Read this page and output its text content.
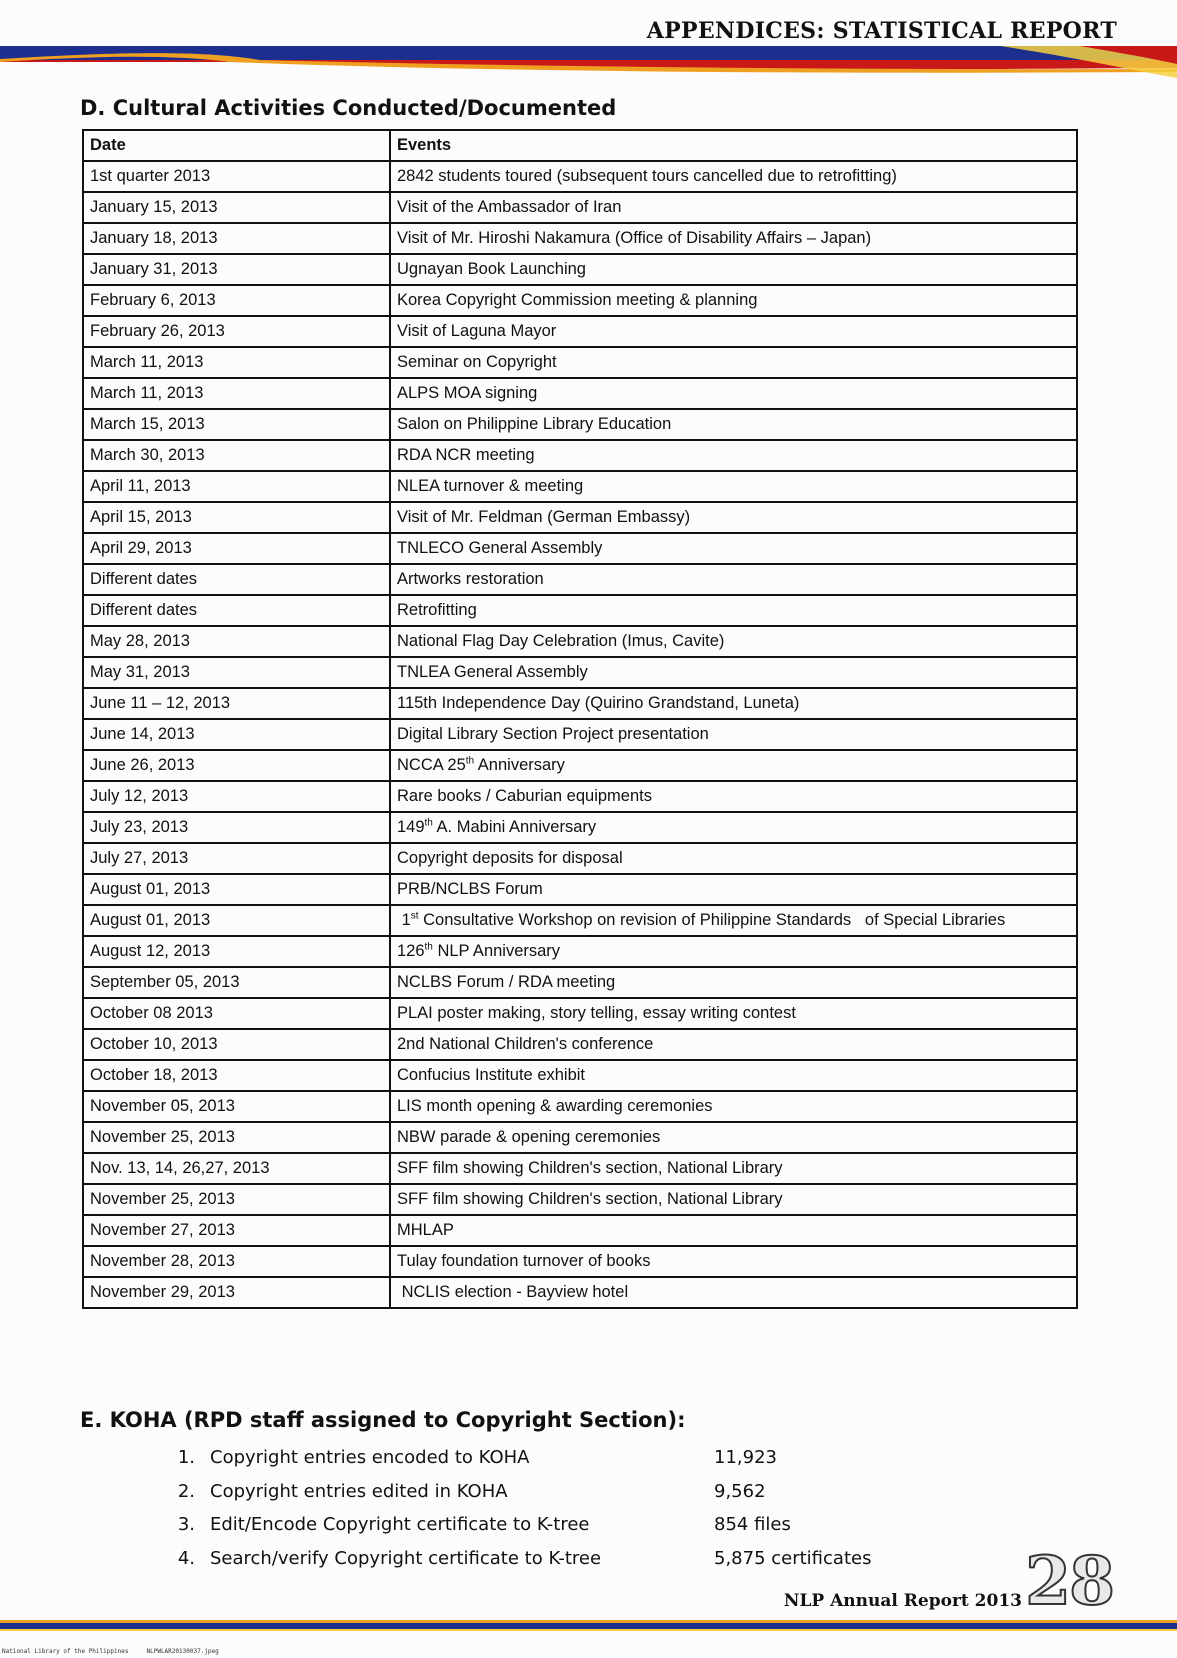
APPENDICES: STATISTICAL REPORT
D. Cultural Activities Conducted/Documented
Date	Events
1st quarter 2013	2842 students toured (subsequent tours cancelled due to retrofitting)
January 15, 2013	Visit of the Ambassador of Iran
January 18, 2013	Visit of Mr. Hiroshi Nakamura (Office of Disability Affairs – Japan)
January 31, 2013	Ugnayan Book Launching
February 6, 2013	Korea Copyright Commission meeting & planning
February 26, 2013	Visit of Laguna Mayor
March 11, 2013	Seminar on Copyright
March 11, 2013	ALPS MOA signing
March 15, 2013	Salon on Philippine Library Education
March 30, 2013	RDA NCR meeting
April 11, 2013	NLEA turnover & meeting
April 15, 2013	Visit of Mr. Feldman (German Embassy)
April 29, 2013	TNLECO General Assembly
Different dates	Artworks restoration
Different dates	Retrofitting
May 28, 2013	National Flag Day Celebration (Imus, Cavite)
May 31, 2013	TNLEA General Assembly
June 11 – 12, 2013	115th Independence Day (Quirino Grandstand, Luneta)
June 14, 2013	Digital Library Section Project presentation
June 26, 2013	NCCA 25th Anniversary
July 12, 2013	Rare books / Caburian equipments
July 23, 2013	149th A. Mabini Anniversary
July 27, 2013	Copyright deposits for disposal
August 01, 2013	PRB/NCLBS Forum
August 01, 2013	1st Consultative Workshop on revision of Philippine Standards   of Special Libraries
August 12, 2013	126th NLP Anniversary
September 05, 2013	NCLBS Forum / RDA meeting
October 08 2013	PLAI poster making, story telling, essay writing contest
October 10, 2013	2nd National Children's conference
October 18, 2013	Confucius Institute exhibit
November 05, 2013	LIS month opening & awarding ceremonies
November 25, 2013	NBW parade & opening ceremonies
Nov. 13, 14, 26,27, 2013	SFF film showing Children's section, National Library
November 25, 2013	SFF film showing Children's section, National Library
November 27, 2013	MHLAP
November 28, 2013	Tulay foundation turnover of books
November 29, 2013	NCLIS election - Bayview hotel
E. KOHA (RPD staff assigned to Copyright Section):
1. Copyright entries encoded to KOHA	11,923
2. Copyright entries edited in KOHA	9,562
3. Edit/Encode Copyright certificate to K-tree	854 files
4. Search/verify Copyright certificate to K-tree	5,875 certificates
NLP Annual Report 2013 28
National Library of the Philippines     NLPWLAR20130037.jpeg
